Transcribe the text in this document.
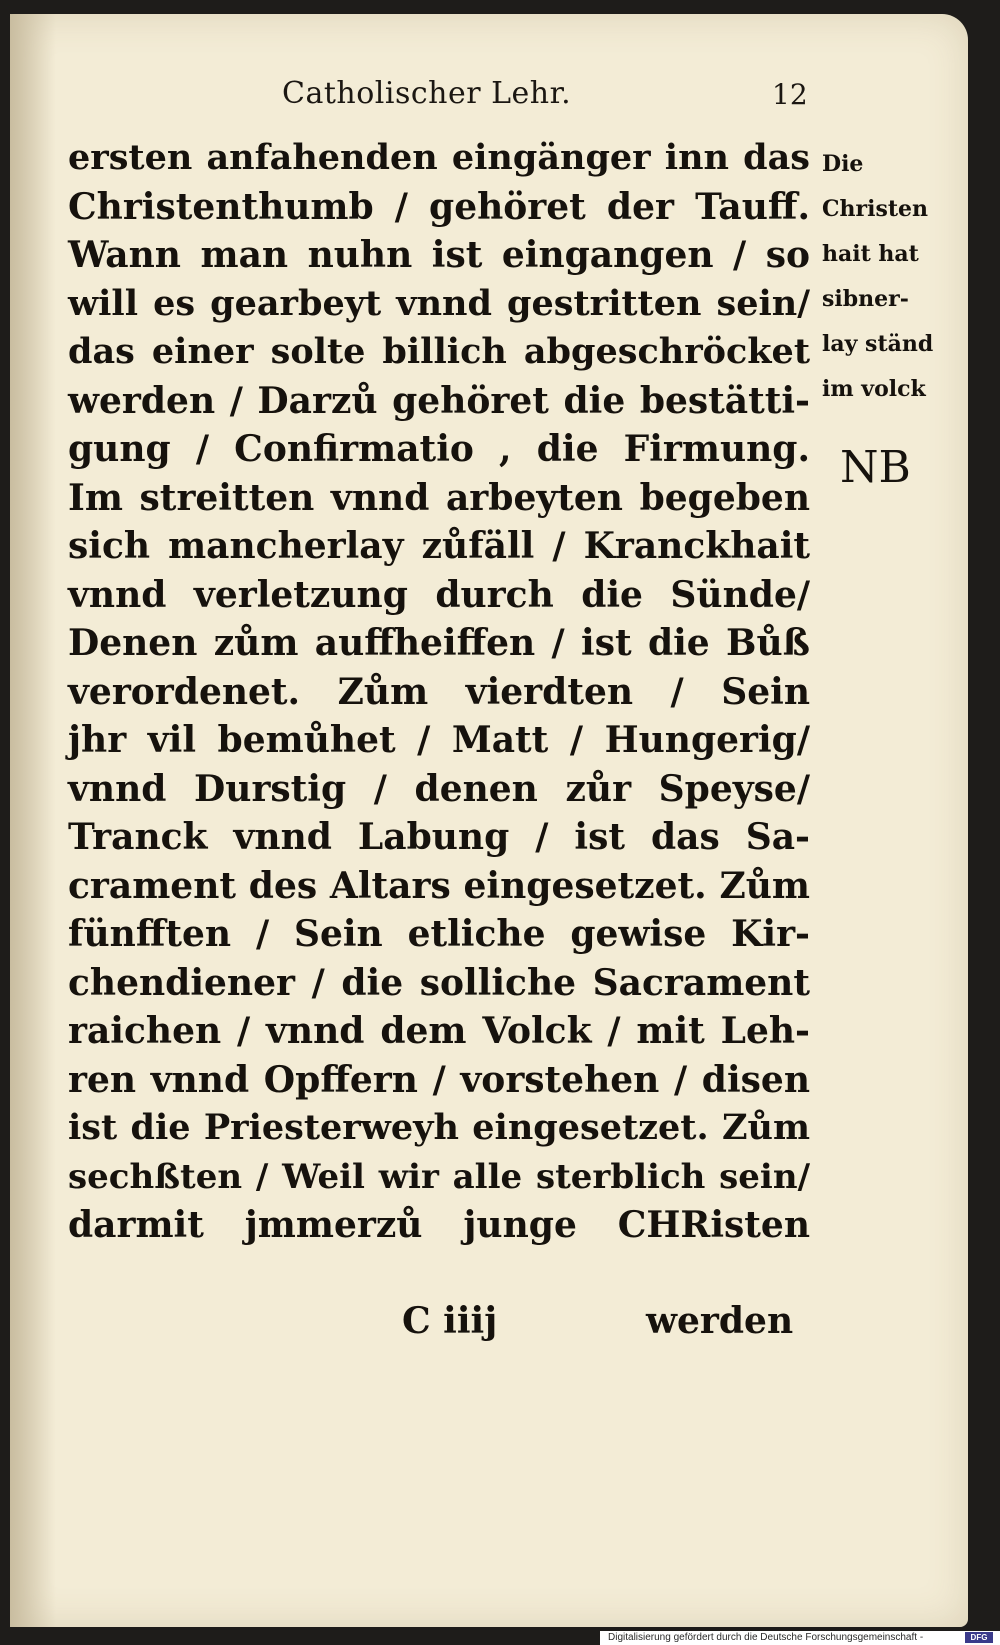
Catholischer Lehr.	12
ersten anfahenden eingänger inn das
Christenthumb / gehöret der Tauff.
Wann man nuhn ist eingangen / so
will es gearbeyt vnnd gestritten sein/
das einer solte billich abgeschröcket
werden / Darzů gehöret die bestätti-
gung / Confirmatio , die Firmung.
Im streitten vnnd arbeyten begeben
sich mancherlay zůfäll / Kranckhait
vnnd verletzung durch die Sünde/
Denen zům auffheiffen / ist die Bůß
verordenet. Zům vierdten / Sein
jhr vil bemůhet / Matt / Hungerig/
vnnd Durstig / denen zůr Speyse/
Tranck vnnd Labung / ist das Sa-
crament des Altars eingesetzet. Zům
fünfften / Sein etliche gewise Kir-
chendiener / die solliche Sacrament
raichen / vnnd dem Volck / mit Leh-
ren vnnd Opffern / vorstehen / disen
ist die Priesterweyh eingesetzet. Zům
sechßten / Weil wir alle sterblich sein/
darmit jmmerzů junge CHRisten
C iiij	werden
Die
Christen
hait hat
sibner-
lay ständ
im volck
NB
Digitalisierung gefördert durch die Deutsche Forschungsgemeinschaft -	DFG
